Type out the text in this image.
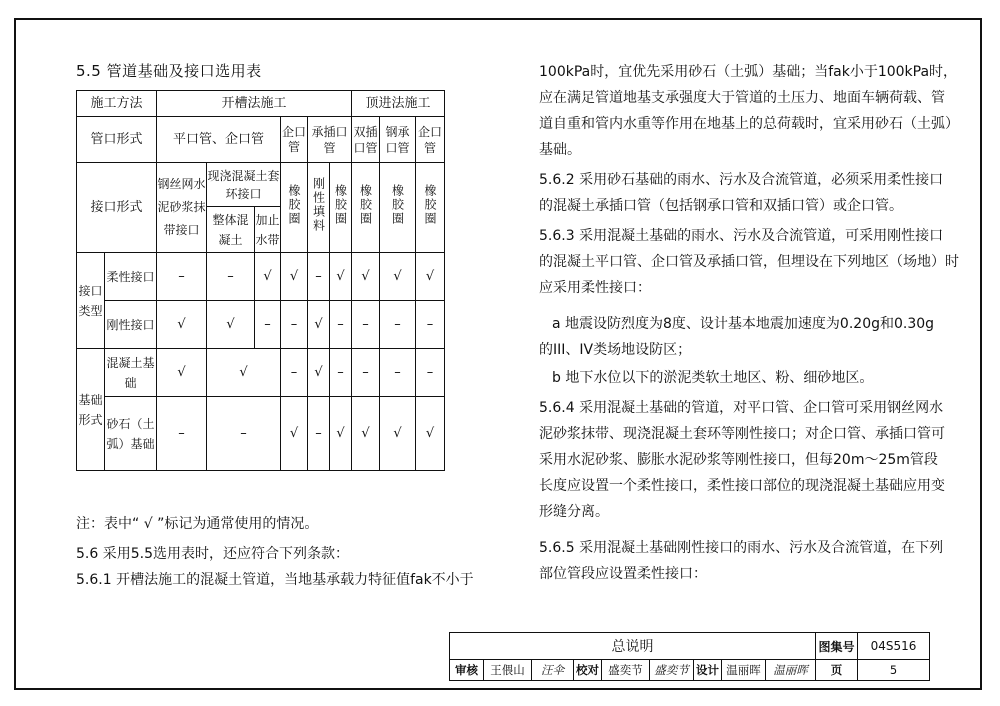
5.5 管道基础及接口选用表
施工方法		开槽法施工						顶进法施工		
管口形式		平口管、企口管			企口管	承插口管		双插口管	钢承口管	企口管
接口形式		钢丝网水泥砂浆抹带接口	现浇混凝土套环接口		橡胶圈	刚性填料	橡胶圈	橡胶圈	橡胶圈	橡胶圈
			整体混凝土	加止水带						
接口类型	柔性接口	–	–	√	√	–	√	√	√	√
	刚性接口	√	√	–	–	√	–	–	–	–
基础形式	混凝土基础	√	√		–	√	–	–	–	–
	砂石（土弧）基础	–	–		√	–	√	√	√	√
注：表中“ √ ”标记为通常使用的情况。
5.6 采用5.5选用表时，还应符合下列条款：
5.6.1 开槽法施工的混凝土管道，当地基承载力特征值fak不小于
100kPa时，宜优先采用砂石（土弧）基础；当fak小于100kPa时，
应在满足管道地基支承强度大于管道的土压力、地面车辆荷载、管
道自重和管内水重等作用在地基上的总荷载时，宜采用砂石（土弧）
基础。
5.6.2 采用砂石基础的雨水、污水及合流管道，必须采用柔性接口
的混凝土承插口管（包括钢承口管和双插口管）或企口管。
5.6.3 采用混凝土基础的雨水、污水及合流管道，可采用刚性接口
的混凝土平口管、企口管及承插口管，但埋设在下列地区（场地）时
应采用柔性接口：
a 地震设防烈度为8度、设计基本地震加速度为0.20g和0.30g
的III、IV类场地设防区；
b 地下水位以下的淤泥类软土地区、粉、细砂地区。
5.6.4 采用混凝土基础的管道，对平口管、企口管可采用钢丝网水
泥砂浆抹带、现浇混凝土套环等刚性接口；对企口管、承插口管可
采用水泥砂浆、膨胀水泥砂浆等刚性接口，但每20m～25m管段
长度应设置一个柔性接口，柔性接口部位的现浇混凝土基础应用变
形缝分离。
5.6.5 采用混凝土基础刚性接口的雨水、污水及合流管道，在下列
部位管段应设置柔性接口：
总说明									图集号	04S516
审核	王偎山	汪伞	校对	盛奕节	盛奕节	设计	温丽晖	温丽晖	页	5
